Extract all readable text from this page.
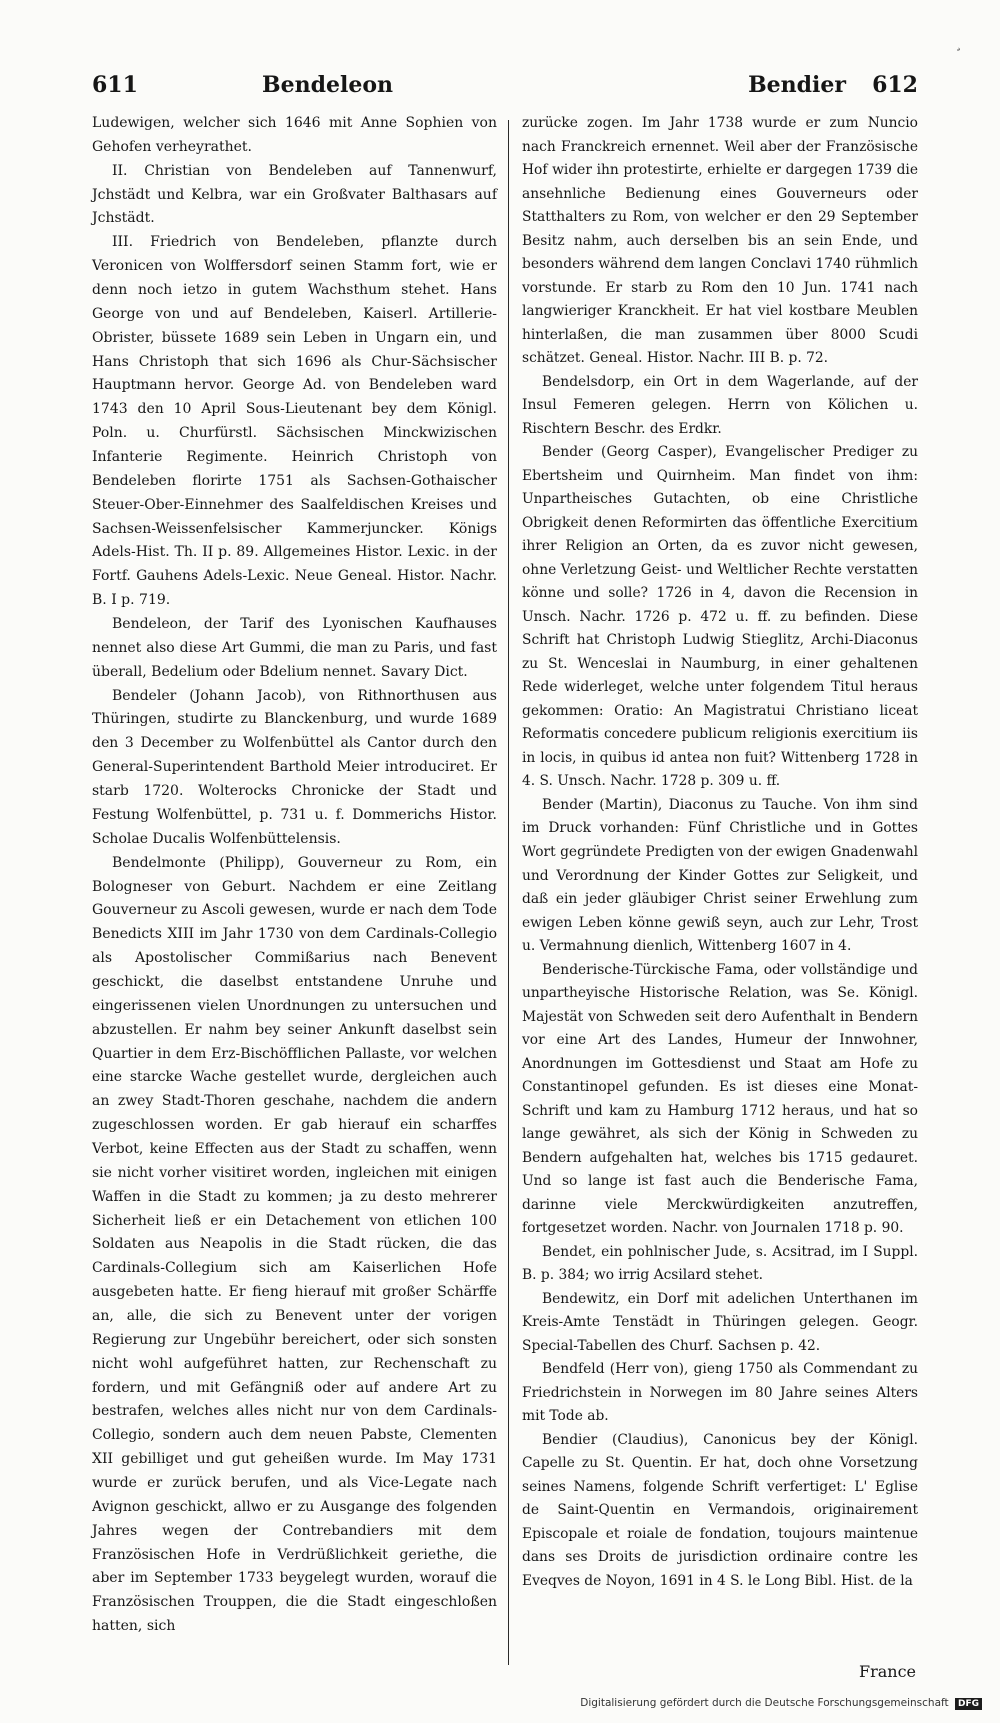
¸
611	Bendeleon	Bendier 612

Ludewigen, welcher sich 1646 mit Anne Sophien von Gehofen verheyrathet.

II. Christian von Bendeleben auf Tannenwurf, Jchstädt und Kelbra, war ein Großvater Balthasars auf Jchstädt.

III. Friedrich von Bendeleben, pflanzte durch Veronicen von Wolffersdorf seinen Stamm fort, wie er denn noch ietzo in gutem Wachsthum stehet. Hans George von und auf Bendeleben, Kaiserl. Artillerie-Obrister, büssete 1689 sein Leben in Ungarn ein, und Hans Christoph that sich 1696 als Chur-Sächsischer Hauptmann hervor. George Ad. von Bendeleben ward 1743 den 10 April Sous-Lieutenant bey dem Königl. Poln. u. Churfürstl. Sächsischen Minckwizischen Infanterie Regimente. Heinrich Christoph von Bendeleben florirte 1751 als Sachsen-Gothaischer Steuer-Ober-Einnehmer des Saalfeldischen Kreises und Sachsen-Weissenfelsischer Kammerjuncker. Königs Adels-Hist. Th. II p. 89. Allgemeines Histor. Lexic. in der Fortf. Gauhens Adels-Lexic. Neue Geneal. Histor. Nachr. B. I p. 719.

Bendeleon, der Tarif des Lyonischen Kaufhauses nennet also diese Art Gummi, die man zu Paris, und fast überall, Bedelium oder Bdelium nennet. Savary Dict.

Bendeler (Johann Jacob), von Rithnorthusen aus Thüringen, studirte zu Blanckenburg, und wurde 1689 den 3 December zu Wolfenbüttel als Cantor durch den General-Superintendent Barthold Meier introduciret. Er starb 1720. Wolterocks Chronicke der Stadt und Festung Wolfenbüttel, p. 731 u. f. Dommerichs Histor. Scholae Ducalis Wolfenbüttelensis.

Bendelmonte (Philipp), Gouverneur zu Rom, ein Bologneser von Geburt. Nachdem er eine Zeitlang Gouverneur zu Ascoli gewesen, wurde er nach dem Tode Benedicts XIII im Jahr 1730 von dem Cardinals-Collegio als Apostolischer Commißarius nach Benevent geschickt, die daselbst entstandene Unruhe und eingerissenen vielen Unordnungen zu untersuchen und abzustellen. Er nahm bey seiner Ankunft daselbst sein Quartier in dem Erz-Bischöfflichen Pallaste, vor welchen eine starcke Wache gestellet wurde, dergleichen auch an zwey Stadt-Thoren geschahe, nachdem die andern zugeschlossen worden. Er gab hierauf ein scharffes Verbot, keine Effecten aus der Stadt zu schaffen, wenn sie nicht vorher visitiret worden, ingleichen mit einigen Waffen in die Stadt zu kommen; ja zu desto mehrerer Sicherheit ließ er ein Detachement von etlichen 100 Soldaten aus Neapolis in die Stadt rücken, die das Cardinals-Collegium sich am Kaiserlichen Hofe ausgebeten hatte. Er fieng hierauf mit großer Schärffe an, alle, die sich zu Benevent unter der vorigen Regierung zur Ungebühr bereichert, oder sich sonsten nicht wohl aufgeführet hatten, zur Rechenschaft zu fordern, und mit Gefängniß oder auf andere Art zu bestrafen, welches alles nicht nur von dem Cardinals-Collegio, sondern auch dem neuen Pabste, Clementen XII gebilliget und gut geheißen wurde. Im May 1731 wurde er zurück berufen, und als Vice-Legate nach Avignon geschickt, allwo er zu Ausgange des folgenden Jahres wegen der Contrebandiers mit dem Französischen Hofe in Verdrüßlichkeit geriethe, die aber im September 1733 beygelegt wurden, worauf die Französischen Trouppen, die die Stadt eingeschloßen hatten, sich

zurücke zogen. Im Jahr 1738 wurde er zum Nuncio nach Franckreich ernennet. Weil aber der Französische Hof wider ihn protestirte, erhielte er dargegen 1739 die ansehnliche Bedienung eines Gouverneurs oder Statthalters zu Rom, von welcher er den 29 September Besitz nahm, auch derselben bis an sein Ende, und besonders während dem langen Conclavi 1740 rühmlich vorstunde. Er starb zu Rom den 10 Jun. 1741 nach langwieriger Kranckheit. Er hat viel kostbare Meublen hinterlaßen, die man zusammen über 8000 Scudi schätzet. Geneal. Histor. Nachr. III B. p. 72.

Bendelsdorp, ein Ort in dem Wagerlande, auf der Insul Femeren gelegen. Herrn von Kölichen u. Rischtern Beschr. des Erdkr.

Bender (Georg Casper), Evangelischer Prediger zu Ebertsheim und Quirnheim. Man findet von ihm: Unpartheisches Gutachten, ob eine Christliche Obrigkeit denen Reformirten das öffentliche Exercitium ihrer Religion an Orten, da es zuvor nicht gewesen, ohne Verletzung Geist- und Weltlicher Rechte verstatten könne und solle? 1726 in 4, davon die Recension in Unsch. Nachr. 1726 p. 472 u. ff. zu befinden. Diese Schrift hat Christoph Ludwig Stieglitz, Archi-Diaconus zu St. Wenceslai in Naumburg, in einer gehaltenen Rede widerleget, welche unter folgendem Titul heraus gekommen: Oratio: An Magistratui Christiano liceat Reformatis concedere publicum religionis exercitium iis in locis, in quibus id antea non fuit? Wittenberg 1728 in 4. S. Unsch. Nachr. 1728 p. 309 u. ff.

Bender (Martin), Diaconus zu Tauche. Von ihm sind im Druck vorhanden: Fünf Christliche und in Gottes Wort gegründete Predigten von der ewigen Gnadenwahl und Verordnung der Kinder Gottes zur Seligkeit, und daß ein jeder gläubiger Christ seiner Erwehlung zum ewigen Leben könne gewiß seyn, auch zur Lehr, Trost u. Vermahnung dienlich, Wittenberg 1607 in 4.

Benderische-Türckische Fama, oder vollständige und unpartheyische Historische Relation, was Se. Königl. Majestät von Schweden seit dero Aufenthalt in Bendern vor eine Art des Landes, Humeur der Innwohner, Anordnungen im Gottesdienst und Staat am Hofe zu Constantinopel gefunden. Es ist dieses eine Monat-Schrift und kam zu Hamburg 1712 heraus, und hat so lange gewähret, als sich der König in Schweden zu Bendern aufgehalten hat, welches bis 1715 gedauret. Und so lange ist fast auch die Benderische Fama, darinne viele Merckwürdigkeiten anzutreffen, fortgesetzet worden. Nachr. von Journalen 1718 p. 90.

Bendet, ein pohlnischer Jude, s. Acsitrad, im I Suppl. B. p. 384; wo irrig Acsilard stehet.

Bendewitz, ein Dorf mit adelichen Unterthanen im Kreis-Amte Tenstädt in Thüringen gelegen. Geogr. Special-Tabellen des Churf. Sachsen p. 42.

Bendfeld (Herr von), gieng 1750 als Commendant zu Friedrichstein in Norwegen im 80 Jahre seines Alters mit Tode ab.

Bendier (Claudius), Canonicus bey der Königl. Capelle zu St. Quentin. Er hat, doch ohne Vorsetzung seines Namens, folgende Schrift verfertiget: L' Eglise de Saint-Quentin en Vermandois, originairement Episcopale et roiale de fondation, toujours maintenue dans ses Droits de jurisdiction ordinaire contre les Eveqves de Noyon, 1691 in 4 S. le Long Bibl. Hist. de la

France
Digitalisierung gefördert durch die Deutsche Forschungsgemeinschaft DFG
